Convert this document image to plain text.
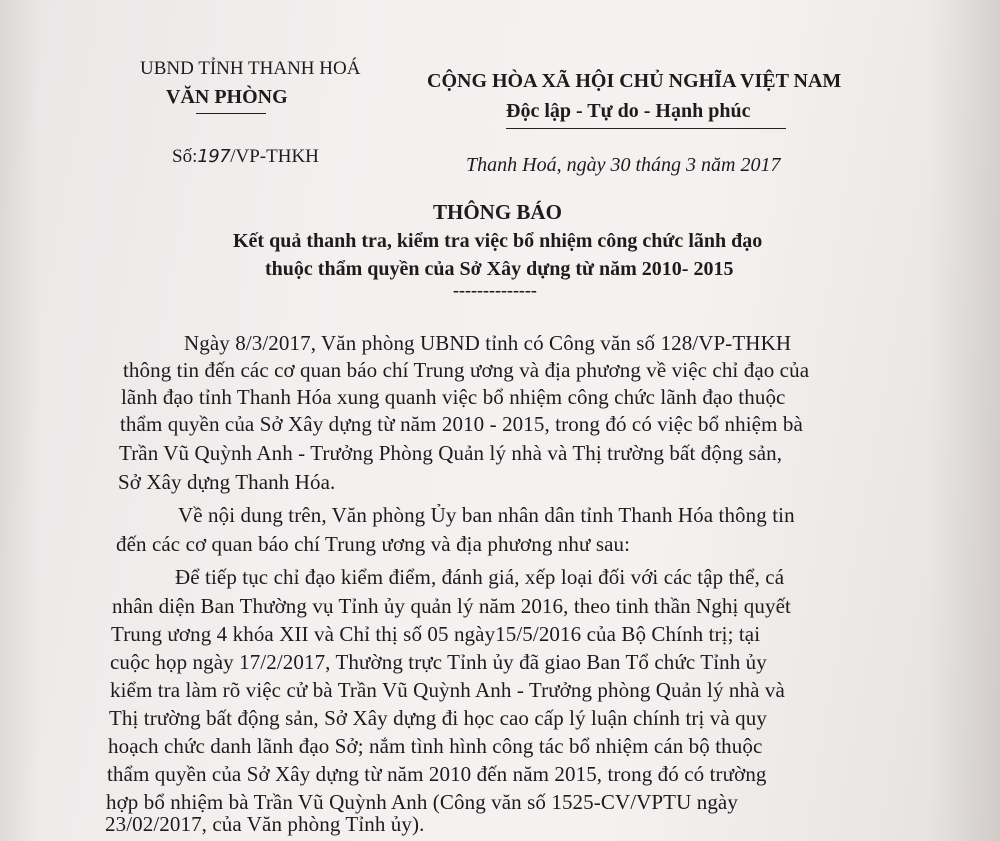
UBND TỈNH THANH HOÁ
VĂN PHÒNG
CỘNG HÒA XÃ HỘI CHỦ NGHĨA VIỆT NAM
Độc lập - Tự do - Hạnh phúc
Số:197/VP-THKH	Thanh Hoá, ngày 30 tháng 3 năm 2017
THÔNG BÁO
Kết quả thanh tra, kiểm tra việc bổ nhiệm công chức lãnh đạo
thuộc thẩm quyền của Sở Xây dựng từ năm 2010- 2015
--------------
Ngày 8/3/2017, Văn phòng UBND tỉnh có Công văn số 128/VP-THKH
thông tin đến các cơ quan báo chí Trung ương và địa phương về việc chỉ đạo của
lãnh đạo tỉnh Thanh Hóa xung quanh việc bổ nhiệm công chức lãnh đạo thuộc
thẩm quyền của Sở Xây dựng từ năm 2010 - 2015, trong đó có việc bổ nhiệm bà
Trần Vũ Quỳnh Anh - Trưởng Phòng Quản lý nhà và Thị trường bất động sản,
Sở Xây dựng Thanh Hóa.
Về nội dung trên, Văn phòng Ủy ban nhân dân tỉnh Thanh Hóa thông tin
đến các cơ quan báo chí Trung ương và địa phương như sau:
Để tiếp tục chỉ đạo kiểm điểm, đánh giá, xếp loại đối với các tập thể, cá
nhân diện Ban Thường vụ Tỉnh ủy quản lý năm 2016, theo tinh thần Nghị quyết
Trung ương 4 khóa XII và Chỉ thị số 05 ngày15/5/2016 của Bộ Chính trị; tại
cuộc họp ngày 17/2/2017, Thường trực Tỉnh ủy đã giao Ban Tổ chức Tỉnh ủy
kiểm tra làm rõ việc cử bà Trần Vũ Quỳnh Anh - Trưởng phòng Quản lý nhà và
Thị trường bất động sản, Sở Xây dựng đi học cao cấp lý luận chính trị và quy
hoạch chức danh lãnh đạo Sở; nắm tình hình công tác bổ nhiệm cán bộ thuộc
thẩm quyền của Sở Xây dựng từ năm 2010 đến năm 2015, trong đó có trường
hợp bổ nhiệm bà Trần Vũ Quỳnh Anh (Công văn số 1525-CV/VPTU ngày
23/02/2017, của Văn phòng Tỉnh ủy).
